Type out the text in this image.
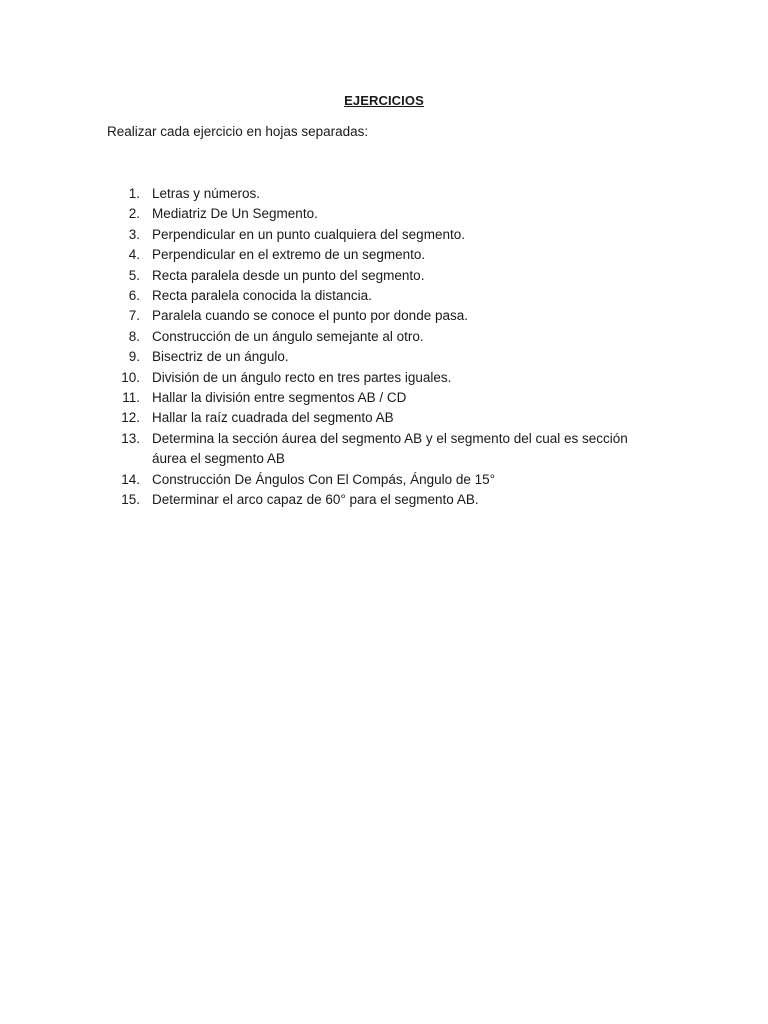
EJERCICIOS
Realizar cada ejercicio en hojas separadas:
1. Letras y números.
2. Mediatriz De Un Segmento.
3. Perpendicular en un punto cualquiera del segmento.
4. Perpendicular en el extremo de un segmento.
5. Recta paralela desde un punto del segmento.
6. Recta paralela conocida la distancia.
7. Paralela cuando se conoce el punto por donde pasa.
8. Construcción de un ángulo semejante al otro.
9. Bisectriz de un ángulo.
10. División de un ángulo recto en tres partes iguales.
11. Hallar la división entre segmentos AB / CD
12. Hallar la raíz cuadrada del segmento AB
13. Determina la sección áurea del segmento AB y el segmento del cual es sección áurea el segmento AB
14. Construcción De Ángulos Con El Compás, Ángulo de 15°
15. Determinar el arco capaz de 60° para el segmento AB.
